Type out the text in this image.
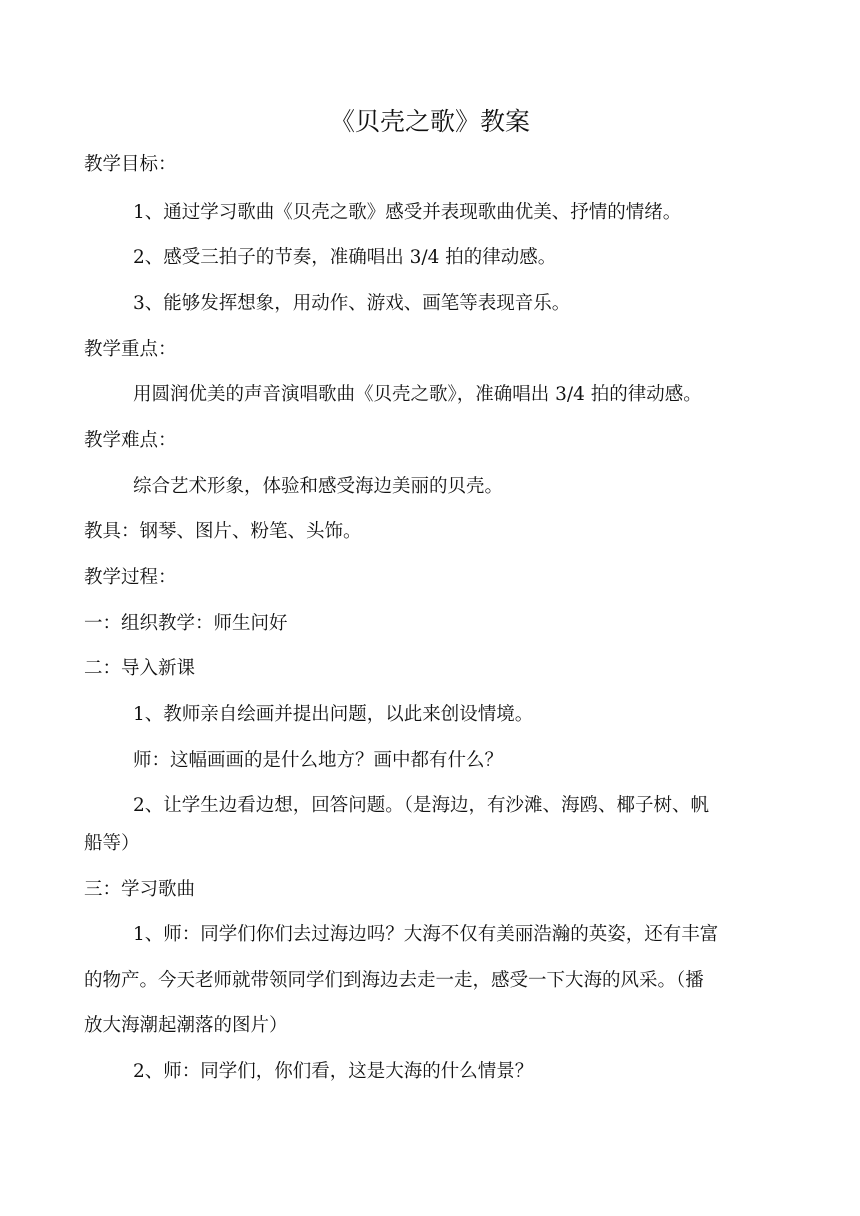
《贝壳之歌》教案
教学目标：
1、通过学习歌曲《贝壳之歌》感受并表现歌曲优美、抒情的情绪。
2、感受三拍子的节奏，准确唱出 3/4 拍的律动感。
3、能够发挥想象，用动作、游戏、画笔等表现音乐。
教学重点：
用圆润优美的声音演唱歌曲《贝壳之歌》，准确唱出 3/4 拍的律动感。
教学难点：
综合艺术形象，体验和感受海边美丽的贝壳。
教具：钢琴、图片、粉笔、头饰。
教学过程：
一：组织教学：师生问好
二：导入新课
1、教师亲自绘画并提出问题，以此来创设情境。
师：这幅画画的是什么地方？画中都有什么？
2、让学生边看边想，回答问题。（是海边，有沙滩、海鸥、椰子树、帆
船等）
三：学习歌曲
1、师：同学们你们去过海边吗？大海不仅有美丽浩瀚的英姿，还有丰富
的物产。今天老师就带领同学们到海边去走一走，感受一下大海的风采。（播
放大海潮起潮落的图片）
2、师：同学们，你们看，这是大海的什么情景？
